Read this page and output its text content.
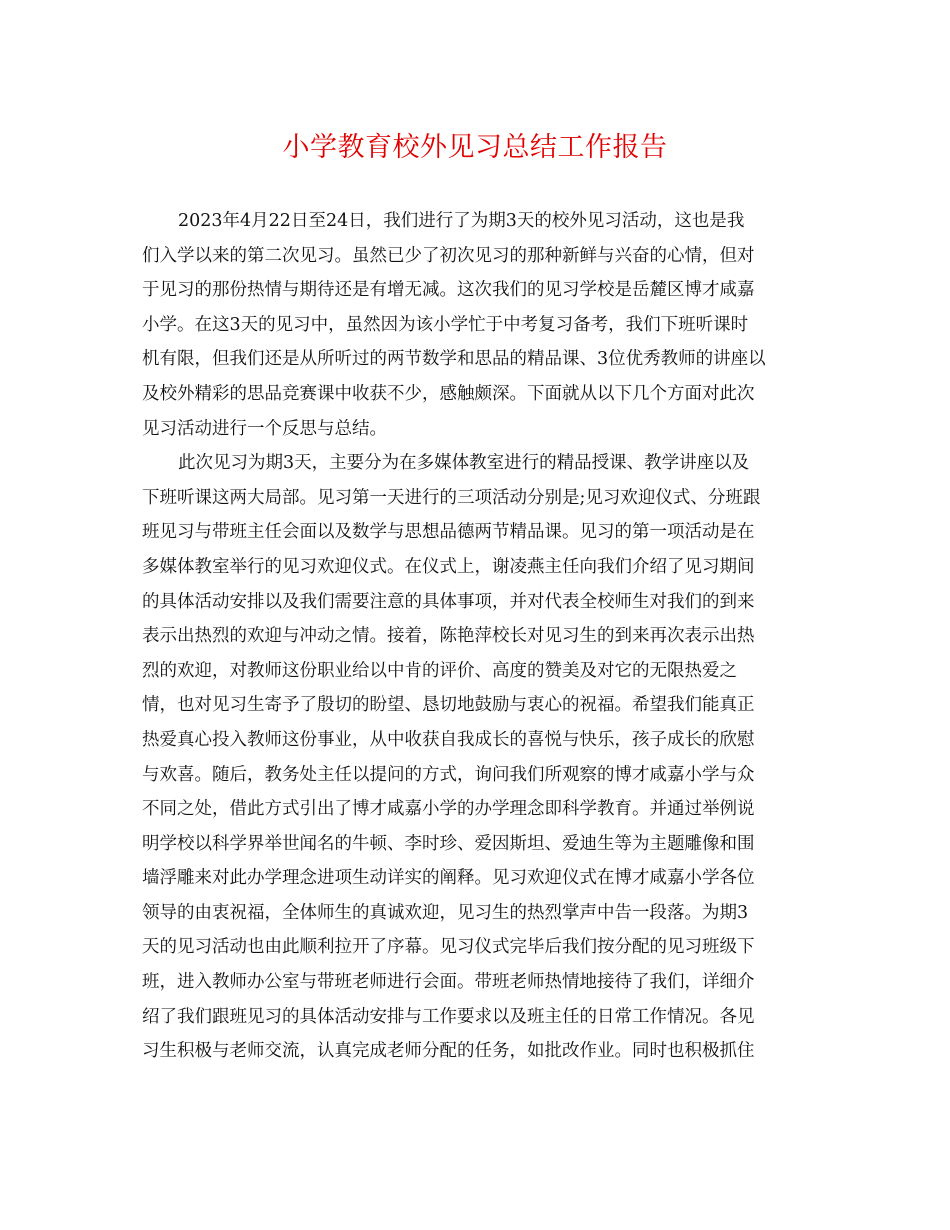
小学教育校外见习总结工作报告
2023年4月22日至24日，我们进行了为期3天的校外见习活动，这也是我
们入学以来的第二次见习。虽然已少了初次见习的那种新鲜与兴奋的心情，但对
于见习的那份热情与期待还是有增无减。这次我们的见习学校是岳麓区博才咸嘉
小学。在这3天的见习中，虽然因为该小学忙于中考复习备考，我们下班听课时
机有限，但我们还是从所听过的两节数学和思品的精品课、3位优秀教师的讲座以
及校外精彩的思品竞赛课中收获不少，感触颇深。下面就从以下几个方面对此次
见习活动进行一个反思与总结。
此次见习为期3天，主要分为在多媒体教室进行的精品授课、教学讲座以及
下班听课这两大局部。见习第一天进行的三项活动分别是;见习欢迎仪式、分班跟
班见习与带班主任会面以及数学与思想品德两节精品课。见习的第一项活动是在
多媒体教室举行的见习欢迎仪式。在仪式上，谢凌燕主任向我们介绍了见习期间
的具体活动安排以及我们需要注意的具体事项，并对代表全校师生对我们的到来
表示出热烈的欢迎与冲动之情。接着，陈艳萍校长对见习生的到来再次表示出热
烈的欢迎，对教师这份职业给以中肯的评价、高度的赞美及对它的无限热爱之
情，也对见习生寄予了殷切的盼望、恳切地鼓励与衷心的祝福。希望我们能真正
热爱真心投入教师这份事业，从中收获自我成长的喜悦与快乐，孩子成长的欣慰
与欢喜。随后，教务处主任以提问的方式，询问我们所观察的博才咸嘉小学与众
不同之处，借此方式引出了博才咸嘉小学的办学理念即科学教育。并通过举例说
明学校以科学界举世闻名的牛顿、李时珍、爱因斯坦、爱迪生等为主题雕像和围
墙浮雕来对此办学理念进项生动详实的阐释。见习欢迎仪式在博才咸嘉小学各位
领导的由衷祝福，全体师生的真诚欢迎，见习生的热烈掌声中告一段落。为期3
天的见习活动也由此顺利拉开了序幕。见习仪式完毕后我们按分配的见习班级下
班，进入教师办公室与带班老师进行会面。带班老师热情地接待了我们，详细介
绍了我们跟班见习的具体活动安排与工作要求以及班主任的日常工作情况。各见
习生积极与老师交流，认真完成老师分配的任务，如批改作业。同时也积极抓住
